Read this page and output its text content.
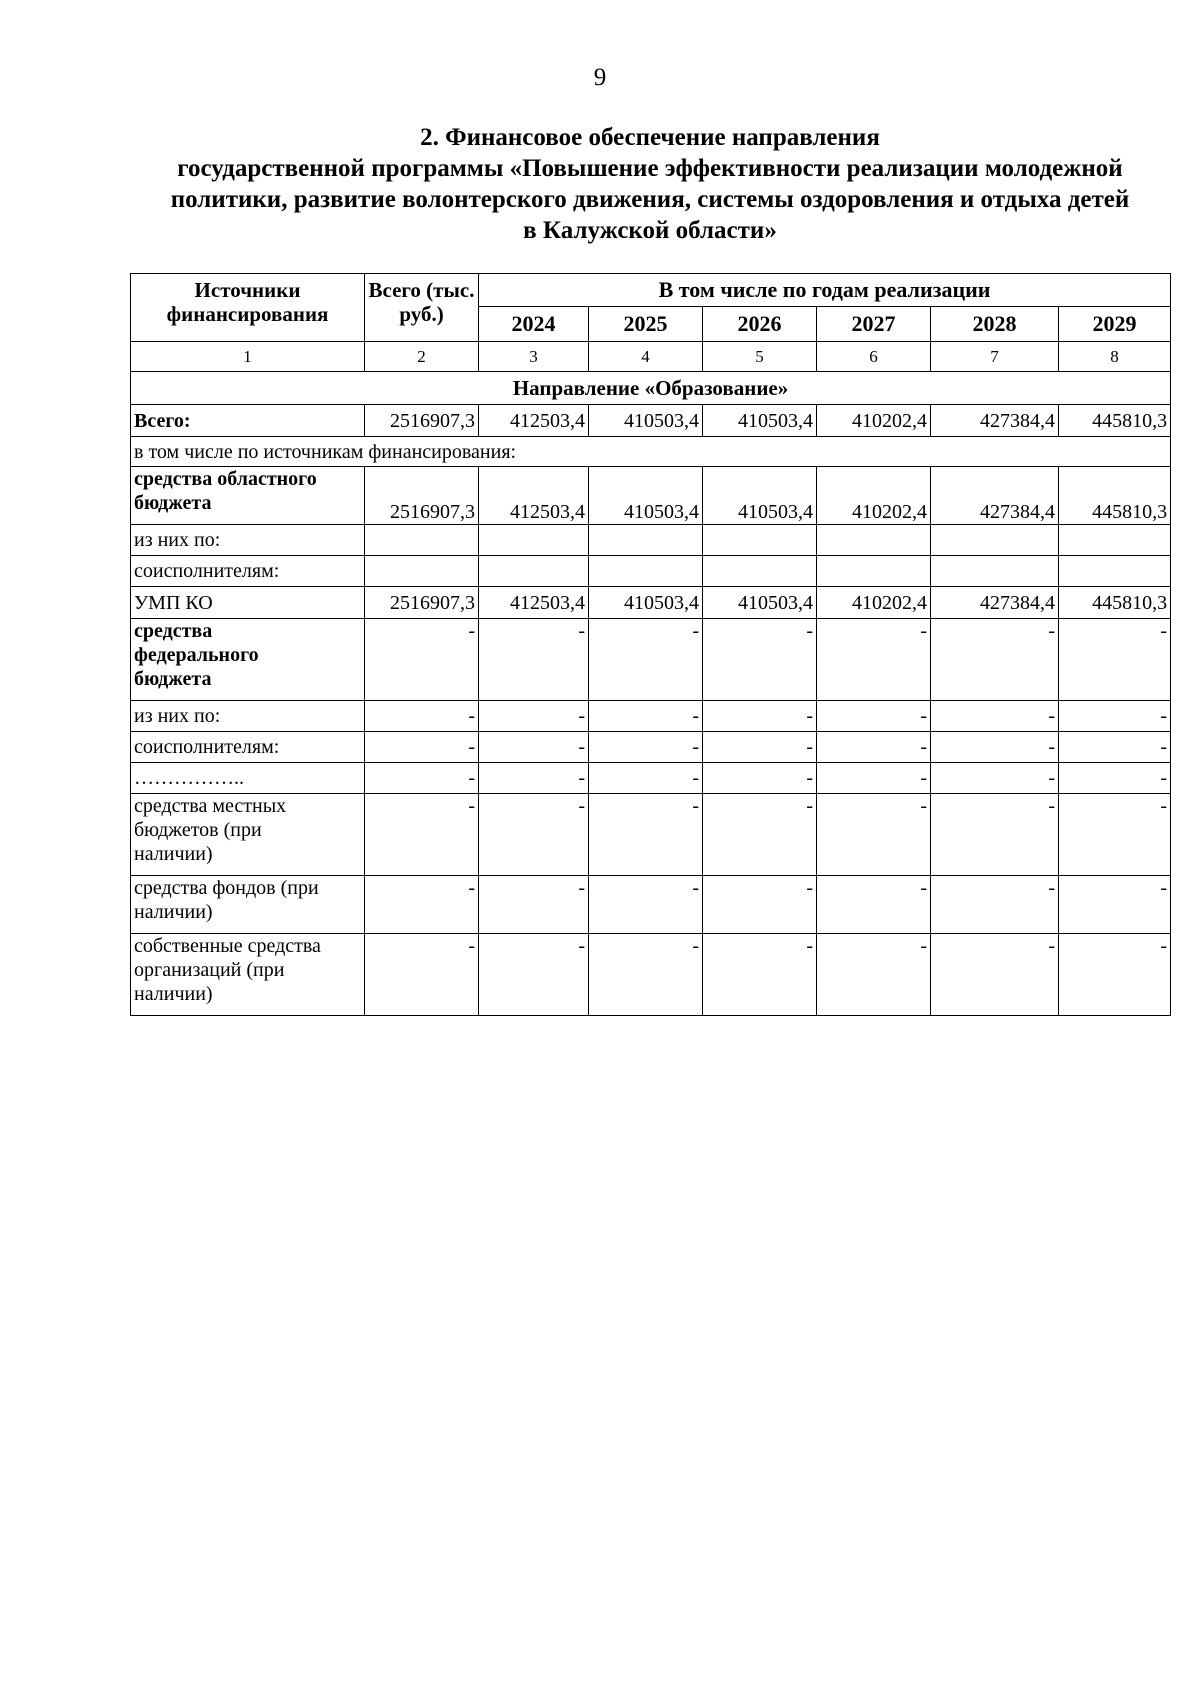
9
2. Финансовое обеспечение направления
государственной программы «Повышение эффективности реализации молодежной
политики, развитие волонтерского движения, системы оздоровления и отдыха детей
в Калужской области»
Источники финансирования	Всего (тыс. руб.)	В том числе по годам реализации					
		2024	2025	2026	2027	2028	2029
1	2	3	4	5	6	7	8
Направление «Образование»							
Всего:	2516907,3	412503,4	410503,4	410503,4	410202,4	427384,4	445810,3
в том числе по источникам финансирования:							
средства областного бюджета	2516907,3	412503,4	410503,4	410503,4	410202,4	427384,4	445810,3
из них по:							
соисполнителям:							
УМП КО	2516907,3	412503,4	410503,4	410503,4	410202,4	427384,4	445810,3
средства федерального бюджета	-	-	-	-	-	-	-
из них по:	-	-	-	-	-	-	-
соисполнителям:	-	-	-	-	-	-	-
……………..	-	-	-	-	-	-	-
средства местных бюджетов (при наличии)	-	-	-	-	-	-	-
средства фондов (при наличии)	-	-	-	-	-	-	-
собственные средства организаций (при наличии)	-	-	-	-	-	-	-
